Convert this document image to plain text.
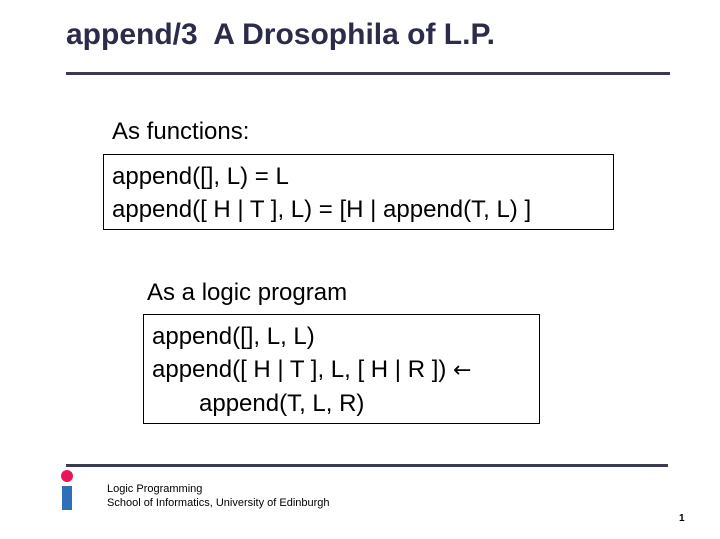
append/3  A Drosophila of L.P.
As functions:
append([], L) = L
append([ H | T ], L) = [H | append(T, L) ]
As a logic program
append([], L, L)
append([ H | T ], L, [ H | R ]) ←
append(T, L, R)
Logic Programming
School of Informatics, University of Edinburgh
1
